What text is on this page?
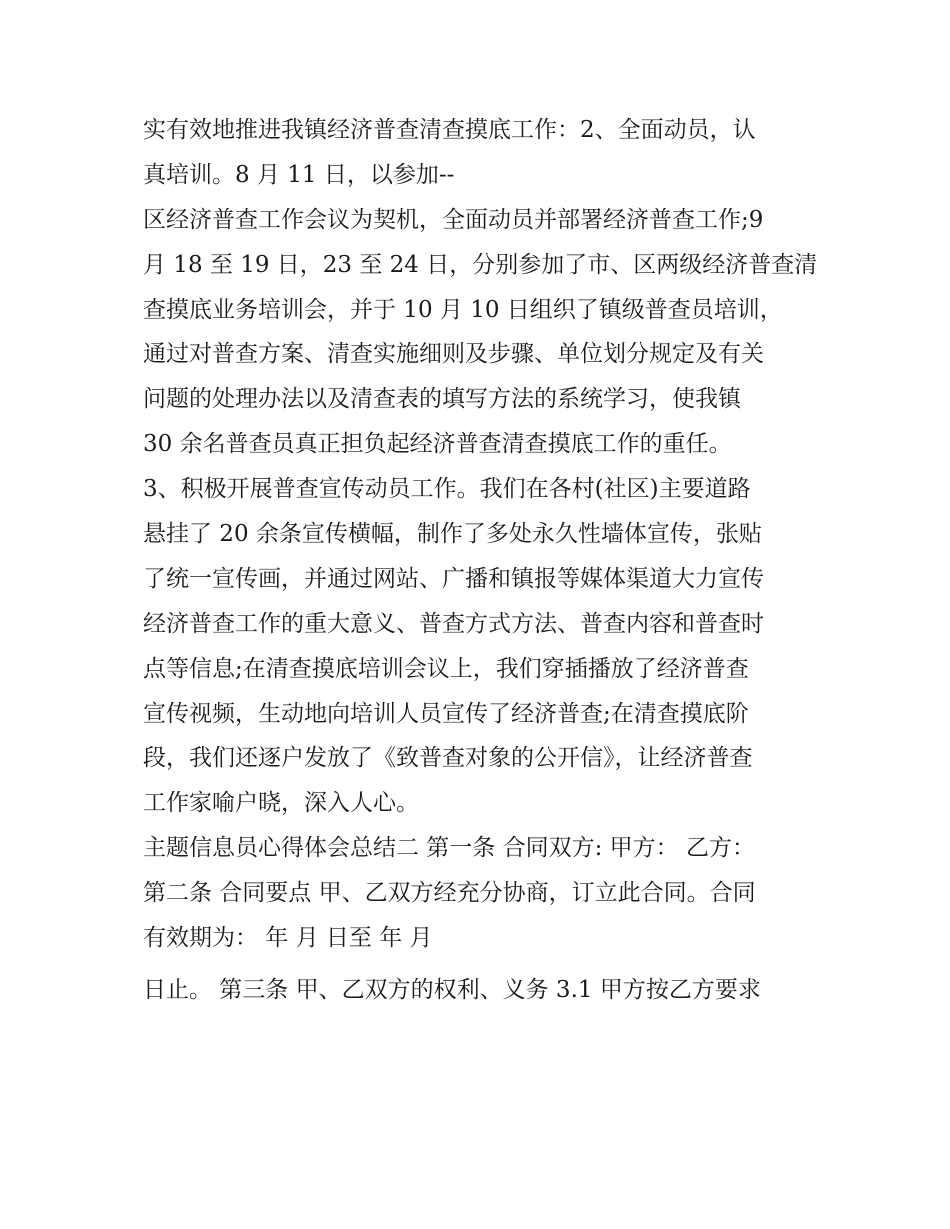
实有效地推进我镇经济普查清查摸底工作：2、全面动员，认
真培训。8 月 11 日，以参加--
区经济普查工作会议为契机，全面动员并部署经济普查工作;9
月 18 至 19 日，23 至 24 日，分别参加了市、区两级经济普查清
查摸底业务培训会，并于 10 月 10 日组织了镇级普查员培训，
通过对普查方案、清查实施细则及步骤、单位划分规定及有关
问题的处理办法以及清查表的填写方法的系统学习，使我镇
30 余名普查员真正担负起经济普查清查摸底工作的重任。
3、积极开展普查宣传动员工作。我们在各村(社区)主要道路
悬挂了 20 余条宣传横幅，制作了多处永久性墙体宣传，张贴
了统一宣传画，并通过网站、广播和镇报等媒体渠道大力宣传
经济普查工作的重大意义、普查方式方法、普查内容和普查时
点等信息;在清查摸底培训会议上，我们穿插播放了经济普查
宣传视频，生动地向培训人员宣传了经济普查;在清查摸底阶
段，我们还逐户发放了《致普查对象的公开信》，让经济普查
工作家喻户晓，深入人心。
主题信息员心得体会总结二 第一条 合同双方: 甲方： 乙方：
第二条 合同要点 甲、乙双方经充分协商，订立此合同。合同
有效期为： 年 月 日至 年 月
日止。 第三条 甲、乙双方的权利、义务 3.1 甲方按乙方要求
